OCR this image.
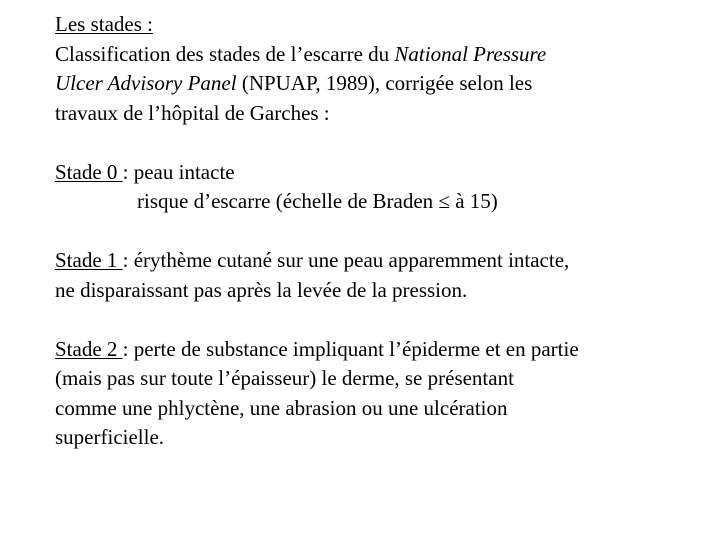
Les stades :
Classification des stades de l’escarre du National Pressure
Ulcer Advisory Panel (NPUAP, 1989), corrigée selon les
travaux de l’hôpital de Garches :
Stade 0 : peau intacte
risque d’escarre (échelle de Braden ≤ à 15)
Stade 1 : érythème cutané sur une peau apparemment intacte,
ne disparaissant pas après la levée de la pression.
Stade 2 : perte de substance impliquant l’épiderme et en partie
(mais pas sur toute l’épaisseur) le derme, se présentant
comme une phlyctène, une abrasion ou une ulcération
superficielle.
